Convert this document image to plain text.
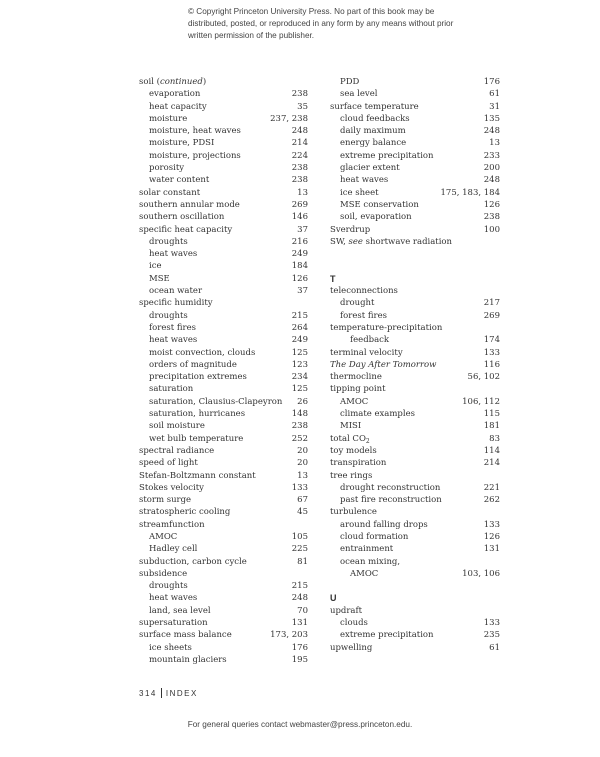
© Copyright Princeton University Press. No part of this book may be distributed, posted, or reproduced in any form by any means without prior written permission of the publisher.
soil (continued)
evaporation	238
heat capacity	35
moisture	237, 238
moisture, heat waves	248
moisture, PDSI	214
moisture, projections	224
porosity	238
water content	238
solar constant	13
southern annular mode	269
southern oscillation	146
specific heat capacity	37
droughts	216
heat waves	249
ice	184
MSE	126
ocean water	37
specific humidity
droughts	215
forest fires	264
heat waves	249
moist convection, clouds	125
orders of magnitude	123
precipitation extremes	234
saturation	125
saturation, Clausius-Clapeyron 26
saturation, hurricanes	148
soil moisture	238
wet bulb temperature	252
spectral radiance	20
speed of light	20
Stefan-Boltzmann constant	13
Stokes velocity	133
storm surge	67
stratospheric cooling	45
streamfunction
AMOC	105
Hadley cell	225
subduction, carbon cycle	81
subsidence
droughts	215
heat waves	248
land, sea level	70
supersaturation	131
surface mass balance	173, 203
ice sheets	176
mountain glaciers	195
PDD	176
sea level	61
surface temperature	31
cloud feedbacks	135
daily maximum	248
energy balance	13
extreme precipitation	233
glacier extent	200
heat waves	248
ice sheet	175, 183, 184
MSE conservation	126
soil, evaporation	238
Sverdrup	100
SW, see shortwave radiation
T
teleconnections
drought	217
forest fires	269
temperature-precipitation
feedback	174
terminal velocity	133
The Day After Tomorrow	116
thermocline	56, 102
tipping point
AMOC	106, 112
climate examples	115
MISI	181
total $CO_2$	83
toy models	114
transpiration	214
tree rings
drought reconstruction	221
past fire reconstruction	262
turbulence
around falling drops	133
cloud formation	126
entrainment	131
ocean mixing,
AMOC	103, 106
U
updraft
clouds	133
extreme precipitation	235
upwelling	61
314 INDEX
For general queries contact webmaster@press.princeton.edu.
